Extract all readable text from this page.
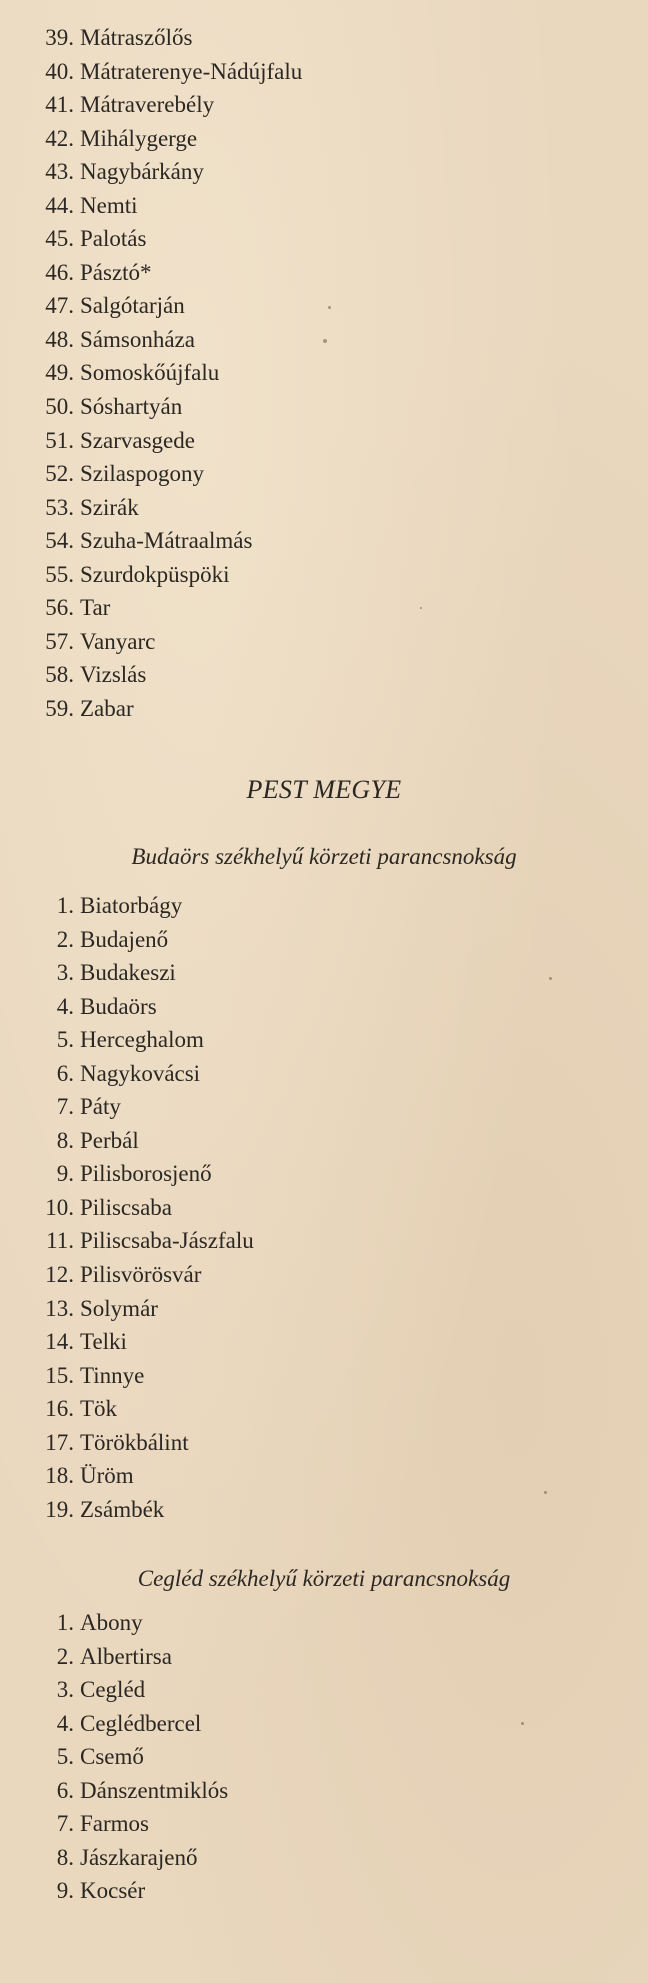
39. Mátraszőlős
40. Mátraterenye-Nádújfalu
41. Mátraverebély
42. Mihálygerge
43. Nagybárkány
44. Nemti
45. Palotás
46. Pásztó*
47. Salgótarján
48. Sámsonháza
49. Somoskőújfalu
50. Sóshartyán
51. Szarvasgede
52. Szilaspogony
53. Szirák
54. Szuha-Mátraalmás
55. Szurdokpüspöki
56. Tar
57. Vanyarc
58. Vizslás
59. Zabar
PEST MEGYE
Budaörs székhelyű körzeti parancsnokság
1. Biatorbágy
2. Budajenő
3. Budakeszi
4. Budaörs
5. Herceghalom
6. Nagykovácsi
7. Páty
8. Perbál
9. Pilisborosjenő
10. Piliscsaba
11. Piliscsaba-Jászfalu
12. Pilisvörösvár
13. Solymár
14. Telki
15. Tinnye
16. Tök
17. Törökbálint
18. Üröm
19. Zsámbék
Cegléd székhelyű körzeti parancsnokság
1. Abony
2. Albertirsa
3. Cegléd
4. Ceglédbercel
5. Csemő
6. Dánszentmiklós
7. Farmos
8. Jászkarajenő
9. Kocsér
